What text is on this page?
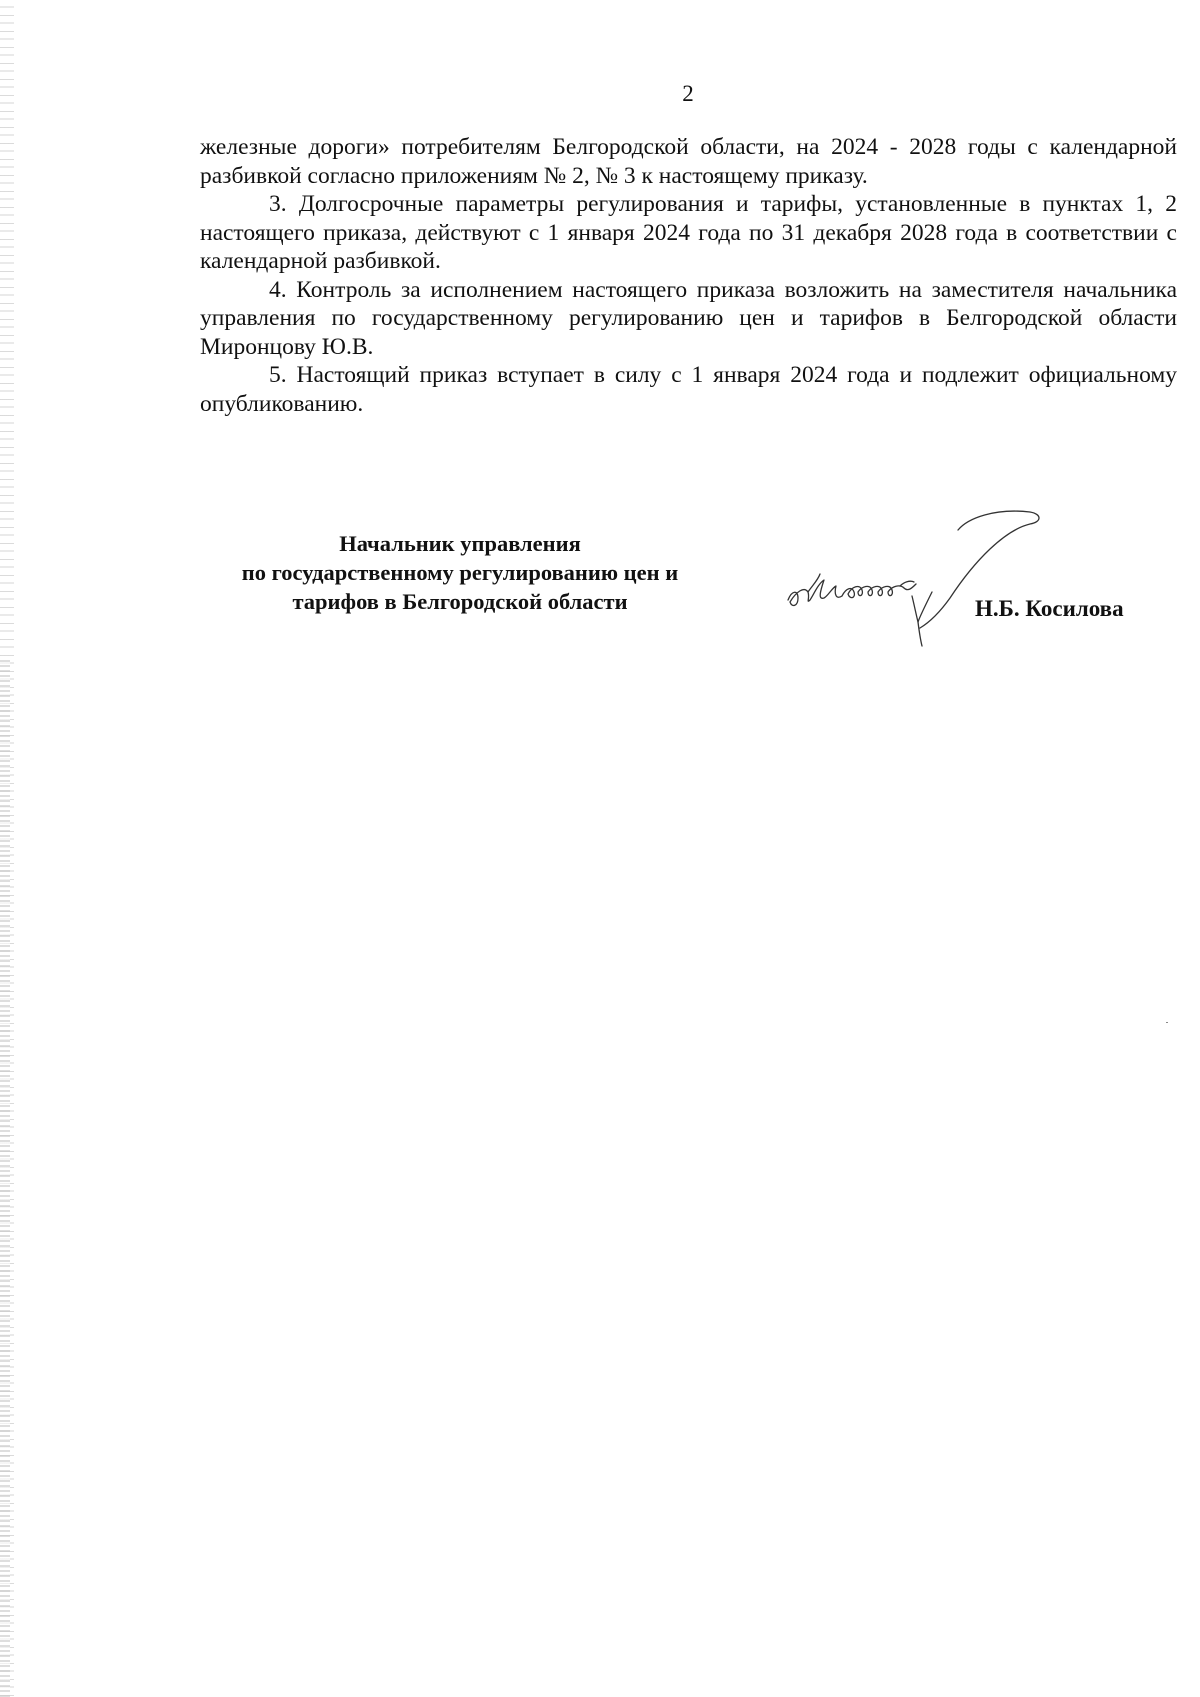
2

железные дороги» потребителям Белгородской области, на 2024 - 2028 годы с календарной разбивкой согласно приложениям № 2, № 3 к настоящему приказу.

3. Долгосрочные параметры регулирования и тарифы, установленные в пунктах 1, 2 настоящего приказа, действуют с 1 января 2024 года по 31 декабря 2028 года в соответствии с календарной разбивкой.

4. Контроль за исполнением настоящего приказа возложить на заместителя начальника управления по государственному регулированию цен и тарифов в Белгородской области Миронцову Ю.В.

5. Настоящий приказ вступает в силу с 1 января 2024 года и подлежит официальному опубликованию.

Начальник управления
по государственному регулированию цен и
тарифов в Белгородской области	Н.Б. Косилова
